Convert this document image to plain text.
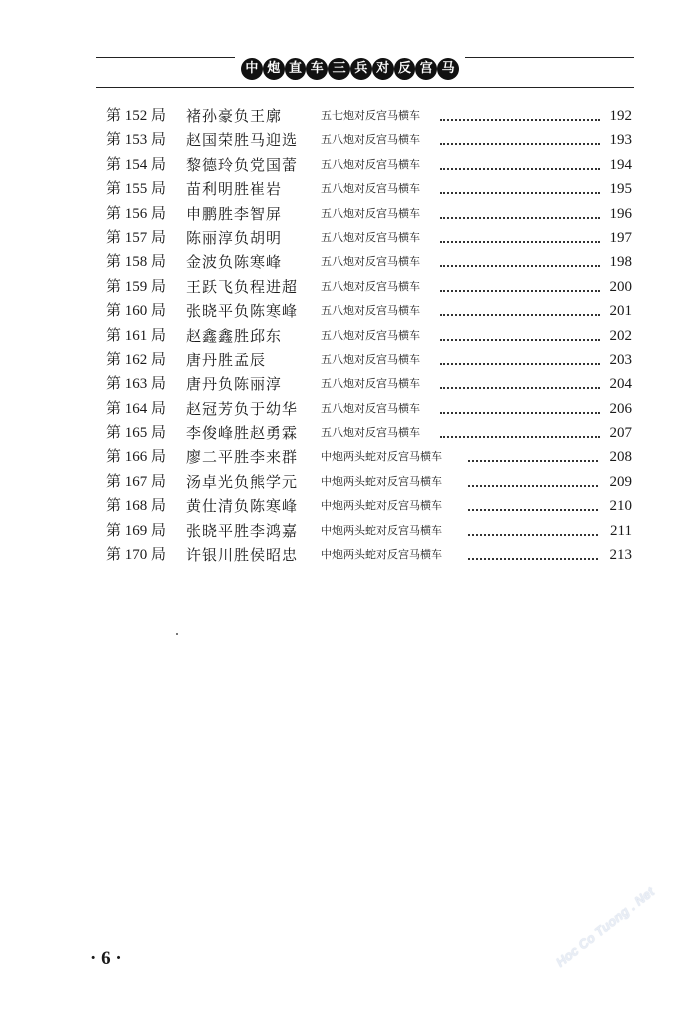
中 炮 直 车 三 兵 对 反 宫 马
第 152 局 褚孙豪负王廓	五七炮对反宫马横车	192
第 153 局 赵国荣胜马迎选 五八炮对反宫马横车	193
第 154 局 黎德玲负党国蕾 五八炮对反宫马横车	194
第 155 局 苗利明胜崔岩	五八炮对反宫马横车	195
第 156 局 申鹏胜李智屏	五八炮对反宫马横车	196
第 157 局 陈丽淳负胡明	五八炮对反宫马横车	197
第 158 局 金波负陈寒峰	五八炮对反宫马横车	198
第 159 局 王跃飞负程进超 五八炮对反宫马横车	200
第 160 局 张晓平负陈寒峰 五八炮对反宫马横车	201
第 161 局 赵鑫鑫胜邱东	五八炮对反宫马横车	202
第 162 局 唐丹胜孟辰	五八炮对反宫马横车	203
第 163 局 唐丹负陈丽淳	五八炮对反宫马横车	204
第 164 局 赵冠芳负于幼华 五八炮对反宫马横车	206
第 165 局 李俊峰胜赵勇霖 五八炮对反宫马横车	207
第 166 局 廖二平胜李来群 中炮两头蛇对反宫马横车	208
第 167 局 汤卓光负熊学元 中炮两头蛇对反宫马横车	209
第 168 局 黄仕清负陈寒峰 中炮两头蛇对反宫马横车	210
第 169 局 张晓平胜李鸿嘉 中炮两头蛇对反宫马横车	211
第 170 局 许银川胜侯昭忠 中炮两头蛇对反宫马横车	213
· 6 ·	Hoc Co Tuong . Net
